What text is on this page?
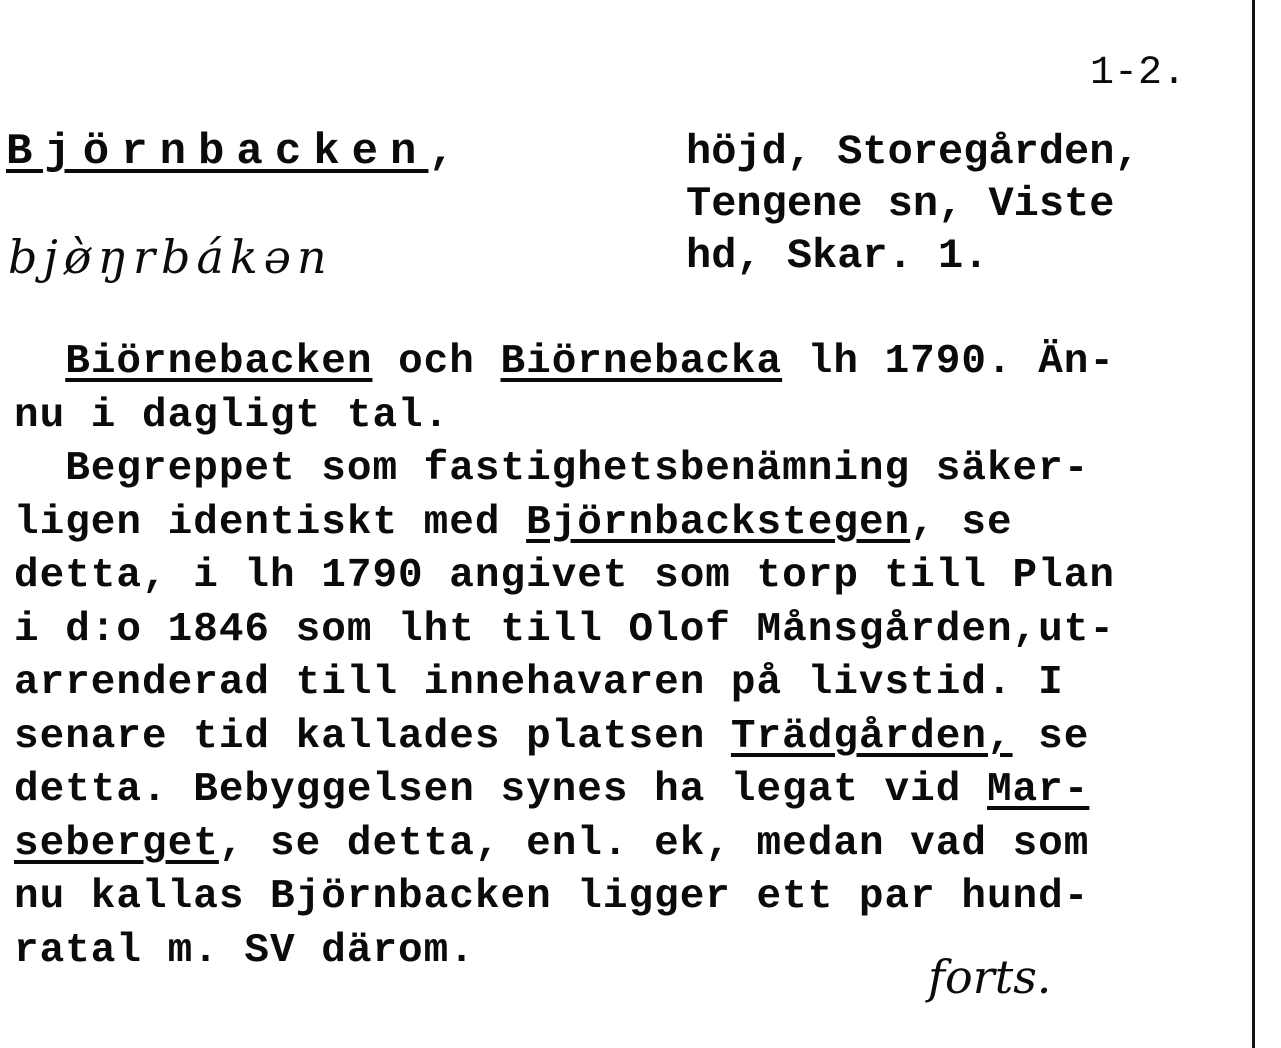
1-2.
Björnbacken,	höjd, Storegården,
Tengene sn, Viste
hd, Skar. 1.
bjø̀ŋrbákən
Biörnebacken och Biörnebacka lh 1790. Än-
nu i dagligt tal.
Begreppet som fastighetsbenämning säker-
ligen identiskt med Björnbackstegen, se
detta, i lh 1790 angivet som torp till Plan
i d:o 1846 som lht till Olof Månsgården,ut-
arrenderad till innehavaren på livstid. I
senare tid kallades platsen Trädgården, se
detta. Bebyggelsen synes ha legat vid Mar-
seberget, se detta, enl. ek, medan vad som
nu kallas Björnbacken ligger ett par hund-
ratal m. SV därom.	forts.
